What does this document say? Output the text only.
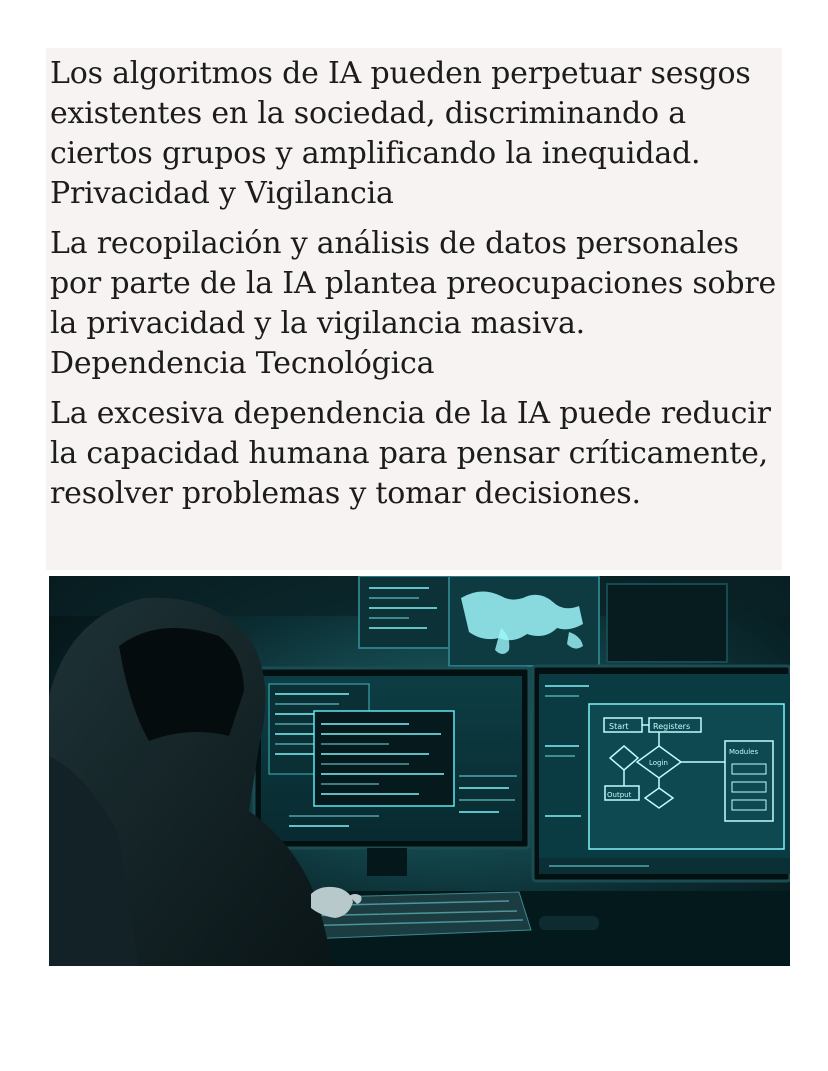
Los algoritmos de IA pueden perpetuar sesgos
existentes en la sociedad, discriminando a
ciertos grupos y amplificando la inequidad.
Privacidad y Vigilancia

La recopilación y análisis de datos personales
por parte de la IA plantea preocupaciones sobre
la privacidad y la vigilancia masiva.
Dependencia Tecnológica

La excesiva dependencia de la IA puede reducir
la capacidad humana para pensar críticamente,
resolver problemas y tomar decisiones.

Start	Registers
Login
Output
Modules
